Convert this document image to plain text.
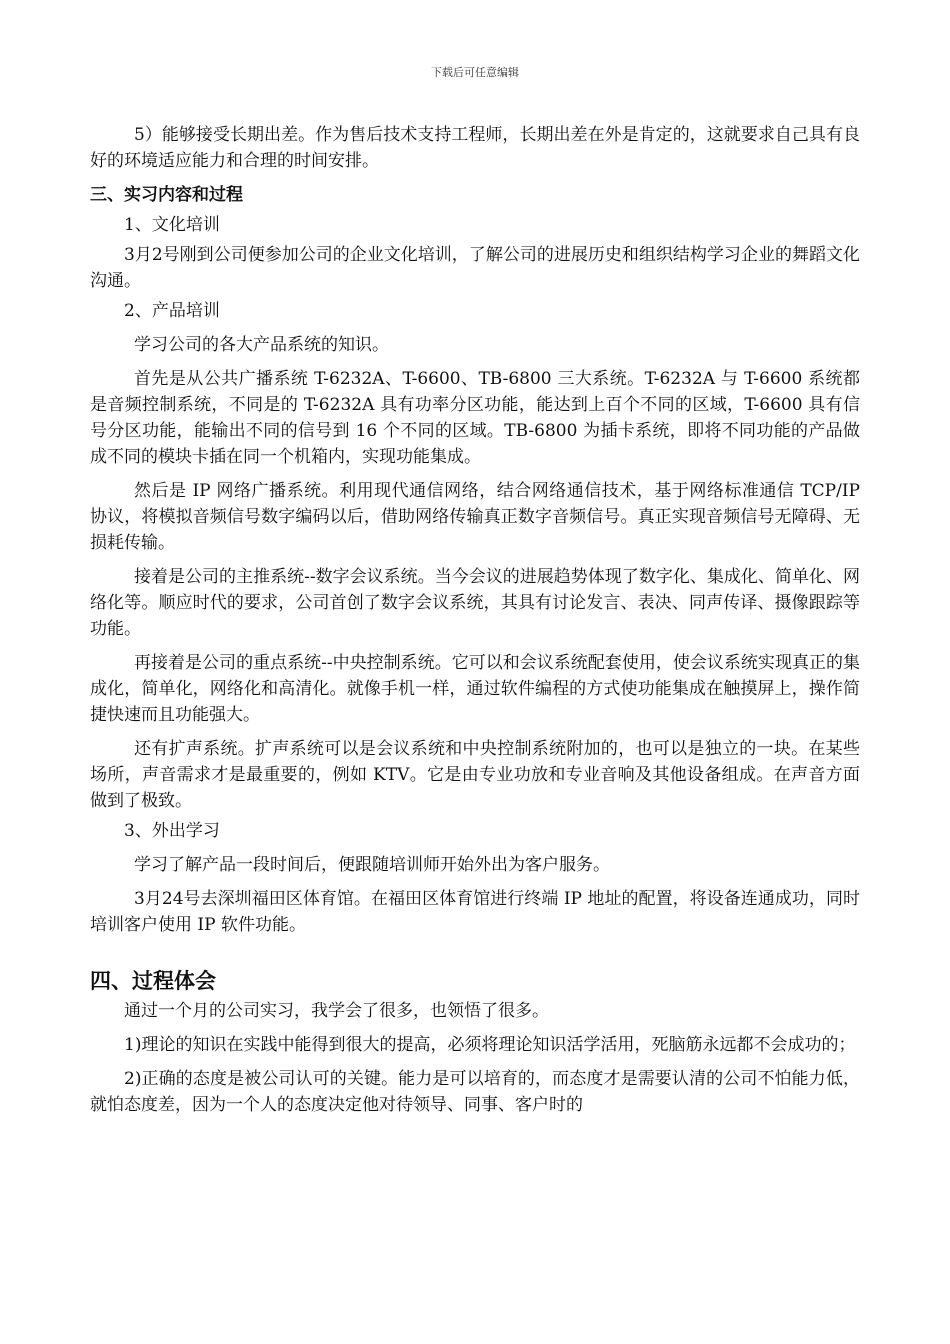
下载后可任意编辑

5）能够接受长期出差。作为售后技术支持工程师，长期出差在外是肯定的，这就要求自己具有良好的环境适应能力和合理的时间安排。

三、实习内容和过程

1、文化培训

3月2号刚到公司便参加公司的企业文化培训，了解公司的进展历史和组织结构学习企业的舞蹈文化沟通。

2、产品培训

学习公司的各大产品系统的知识。

首先是从公共广播系统 T-6232A、T-6600、TB-6800 三大系统。T-6232A 与 T-6600 系统都是音频控制系统，不同是的 T-6232A 具有功率分区功能，能达到上百个不同的区域，T-6600 具有信号分区功能，能输出不同的信号到 16 个不同的区域。TB-6800 为插卡系统，即将不同功能的产品做成不同的模块卡插在同一个机箱内，实现功能集成。

然后是 IP 网络广播系统。利用现代通信网络，结合网络通信技术，基于网络标准通信 TCP/IP 协议，将模拟音频信号数字编码以后，借助网络传输真正数字音频信号。真正实现音频信号无障碍、无损耗传输。

接着是公司的主推系统--数字会议系统。当今会议的进展趋势体现了数字化、集成化、简单化、网络化等。顺应时代的要求，公司首创了数字会议系统，其具有讨论发言、表决、同声传译、摄像跟踪等功能。

再接着是公司的重点系统--中央控制系统。它可以和会议系统配套使用，使会议系统实现真正的集成化，简单化，网络化和高清化。就像手机一样，通过软件编程的方式使功能集成在触摸屏上，操作简捷快速而且功能强大。

还有扩声系统。扩声系统可以是会议系统和中央控制系统附加的，也可以是独立的一块。在某些场所，声音需求才是最重要的，例如 KTV。它是由专业功放和专业音响及其他设备组成。在声音方面做到了极致。

3、外出学习

学习了解产品一段时间后，便跟随培训师开始外出为客户服务。

3月24号去深圳福田区体育馆。在福田区体育馆进行终端 IP 地址的配置，将设备连通成功，同时培训客户使用 IP 软件功能。

四、过程体会

通过一个月的公司实习，我学会了很多，也领悟了很多。

1)理论的知识在实践中能得到很大的提高，必须将理论知识活学活用，死脑筋永远都不会成功的；

2)正确的态度是被公司认可的关键。能力是可以培育的，而态度才是需要认清的公司不怕能力低，就怕态度差，因为一个人的态度决定他对待领导、同事、客户时的
